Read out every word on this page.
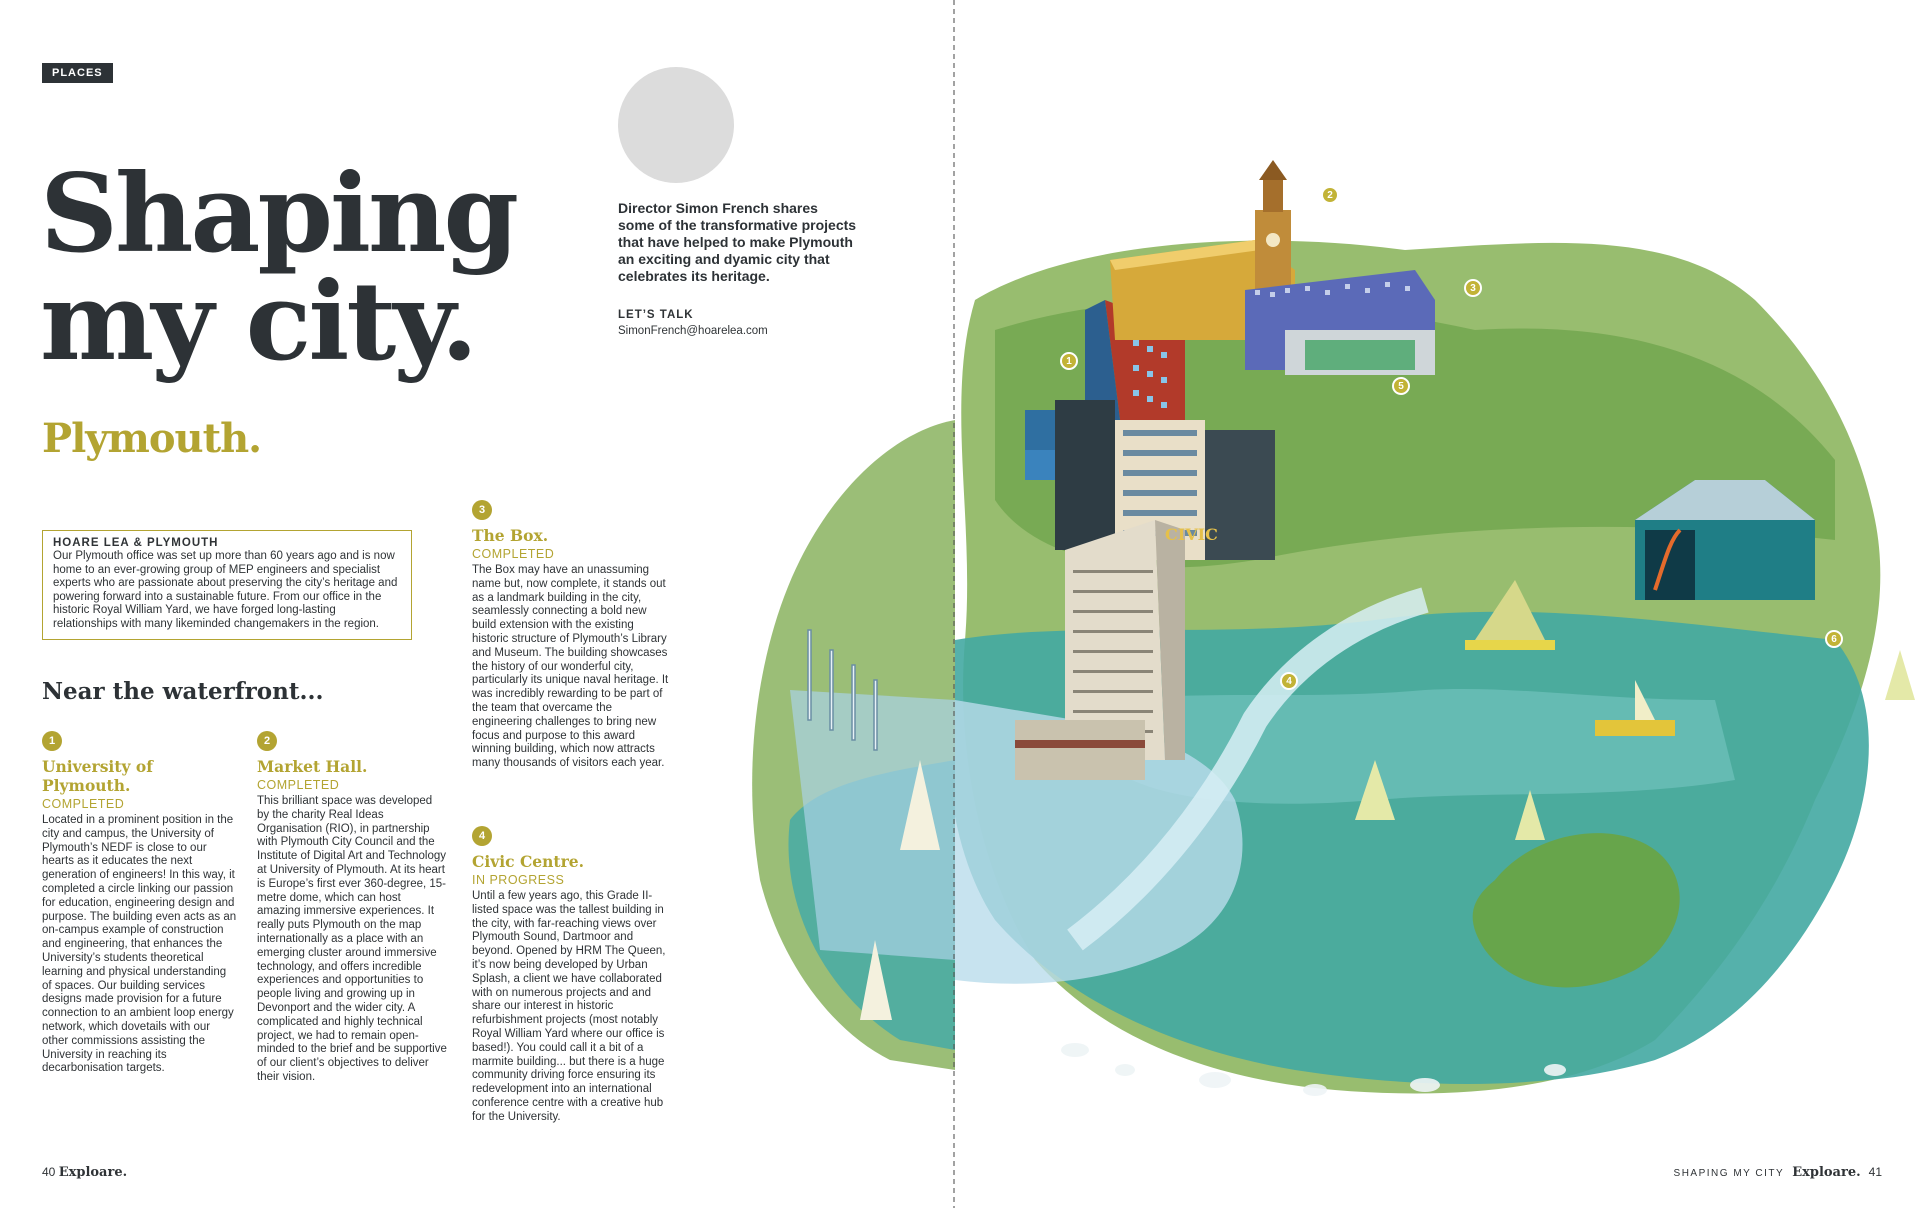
PLACES
Shaping my city.
Plymouth.

Director Simon French shares some of the transformative projects that have helped to make Plymouth an exciting and dyamic city that celebrates its heritage.

LET’S TALK
SimonFrench@hoarelea.com
HOARE LEA & PLYMOUTH
Our Plymouth office was set up more than 60 years ago and is now home to an ever-growing group of MEP engineers and specialist experts who are passionate about preserving the city’s heritage and powering forward into a sustainable future. From our office in the historic Royal William Yard, we have forged long-lasting relationships with many likeminded changemakers in the region.
Near the waterfront...
1
University of Plymouth.
COMPLETED
Located in a prominent position in the city and campus, the University of Plymouth’s NEDF is close to our hearts as it educates the next generation of engineers! In this way, it completed a circle linking our passion for education, engineering design and purpose. The building even acts as an on-campus example of construction and engineering, that enhances the University’s students theoretical learning and physical understanding of spaces. Our building services designs made provision for a future connection to an ambient loop energy network, which dovetails with our other commissions assisting the University in reaching its decarbonisation targets.
2
Market Hall.
COMPLETED
This brilliant space was developed by the charity Real Ideas Organisation (RIO), in partnership with Plymouth City Council and the Institute of Digital Art and Technology at University of Plymouth. At its heart is Europe’s first ever 360-degree, 15-metre dome, which can host amazing immersive experiences. It really puts Plymouth on the map internationally as a place with an emerging cluster around immersive technology, and offers incredible experiences and opportunities to people living and growing up in Devonport and the wider city. A complicated and highly technical project, we had to remain open-minded to the brief and be supportive of our client’s objectives to deliver their vision.
3
The Box.
COMPLETED
The Box may have an unassuming name but, now complete, it stands out as a landmark building in the city, seamlessly connecting a bold new build extension with the existing historic structure of Plymouth’s Library and Museum. The building showcases the history of our wonderful city, particularly its unique naval heritage. It was incredibly rewarding to be part of the team that overcame the engineering challenges to bring new focus and purpose to this award winning building, which now attracts many thousands of visitors each year.
4
Civic Centre.
IN PROGRESS
Until a few years ago, this Grade II-listed space was the tallest building in the city, with far-reaching views over Plymouth Sound, Dartmoor and beyond. Opened by HRM The Queen, it’s now being developed by Urban Splash, a client we have collaborated with on numerous projects and and share our interest in historic refurbishment projects (most notably Royal William Yard where our office is based!). You could call it a bit of a marmite building... but there is a huge community driving force ensuring its redevelopment into an international conference centre with a creative hub for the University.
40 Exploare.
CIVIC
1
2
3
4
5
6
SHAPING MY CITY Exploare. 41
